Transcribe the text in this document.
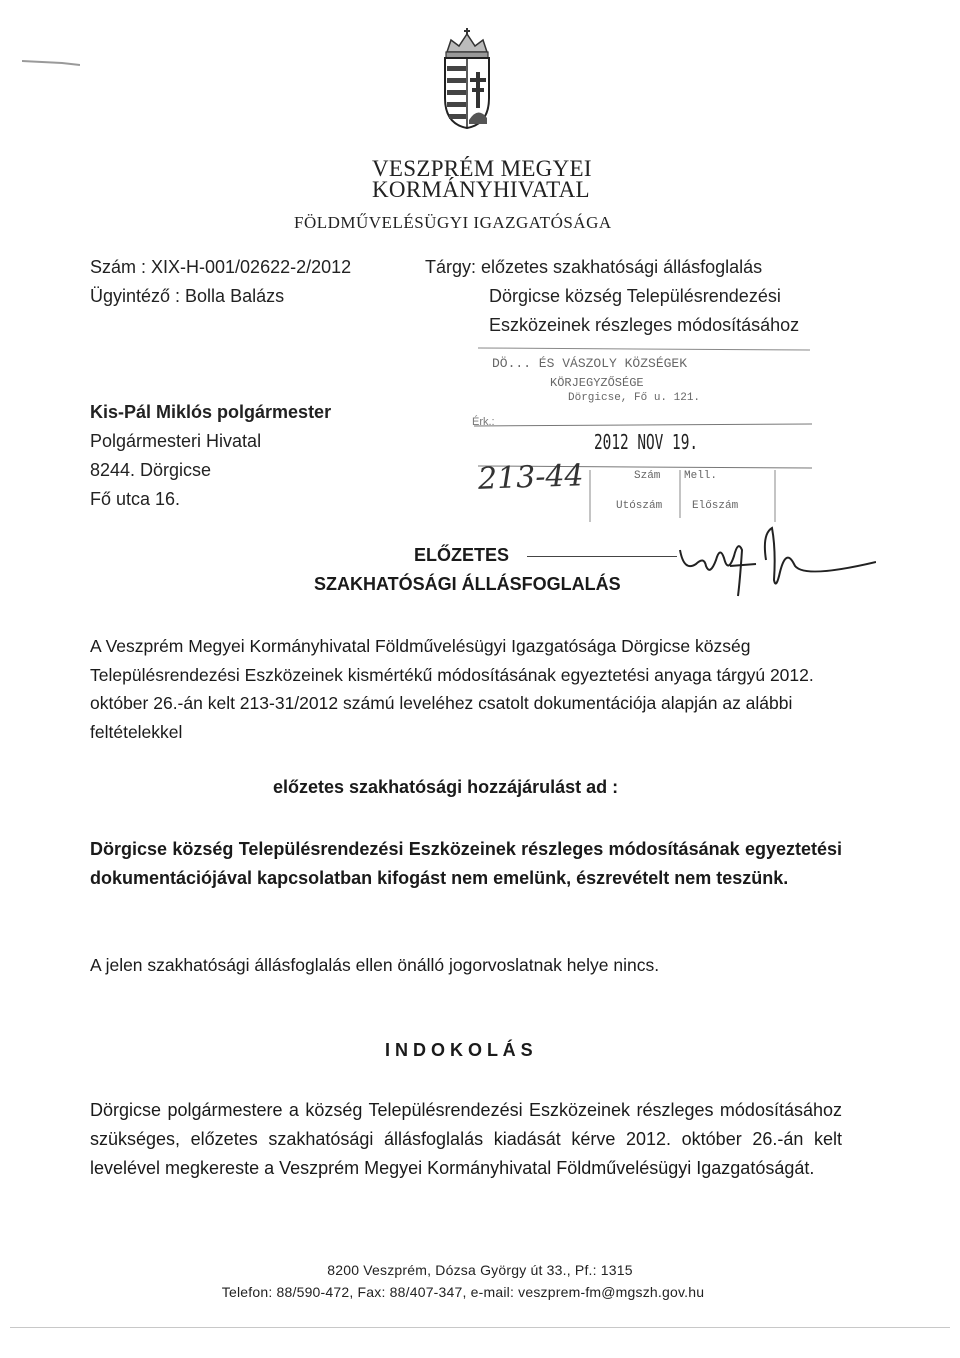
VESZPRÉM MEGYEI
KORMÁNYHIVATAL
FÖLDMŰVELÉSÜGYI IGAZGATÓSÁGA
Szám : XIX-H-001/02622-2/2012
Ügyintéző : Bolla Balázs
Tárgy: előzetes szakhatósági állásfoglalás
Dörgicse község Településrendezési
Eszközeinek részleges módosításához
Kis-Pál Miklós polgármester
Polgármesteri Hivatal
8244. Dörgicse
Fő utca 16.
DÖ... ÉS VÁSZOLY KÖZSÉGEK
KÖRJEGYZŐSÉGE
Dörgicse, Fő u. 121.
Érk.:
2012 NOV 19.
213-44	Szám Mell.
Utószám	Előszám
ELŐZETES
SZAKHATÓSÁGI ÁLLÁSFOGLALÁS
A Veszprém Megyei Kormányhivatal Földművelésügyi Igazgatósága Dörgicse község Településrendezési Eszközeinek kismértékű módosításának egyeztetési anyaga tárgyú 2012. október 26.-án kelt 213-31/2012 számú leveléhez csatolt dokumentációja alapján az alábbi feltételekkel
előzetes szakhatósági hozzájárulást ad :
Dörgicse község Településrendezési Eszközeinek részleges módosításának egyeztetési dokumentációjával kapcsolatban kifogást nem emelünk, észrevételt nem teszünk.
A jelen szakhatósági állásfoglalás ellen önálló jogorvoslatnak helye nincs.
I N D O K O L Á S
Dörgicse polgármestere a község Településrendezési Eszközeinek részleges módosításához szükséges, előzetes szakhatósági állásfoglalás kiadását kérve 2012. október 26.-án kelt levelével megkereste a Veszprém Megyei Kormányhivatal Földművelésügyi Igazgatóságát.
8200 Veszprém, Dózsa György út 33., Pf.: 1315
Telefon: 88/590-472, Fax: 88/407-347, e-mail: veszprem-fm@mgszh.gov.hu
